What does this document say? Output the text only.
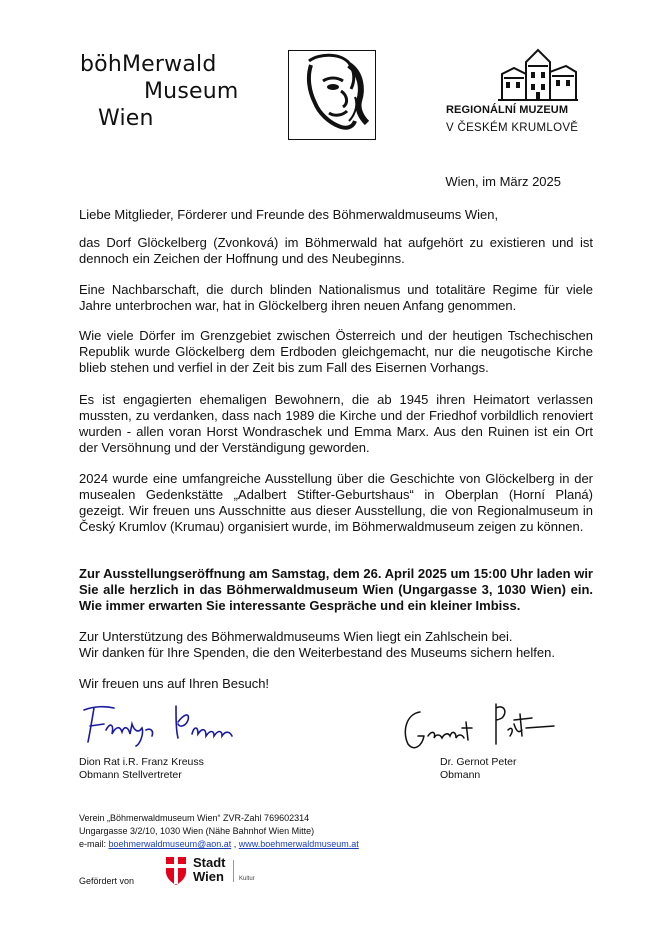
böhMerwald
Museum
Wien	REGIONÁLNÍ MUZEUM
V ČESKÉM KRUMLOVĚ
Wien, im März 2025
Liebe Mitglieder, Förderer und Freunde des Böhmerwaldmuseums Wien,

das Dorf Glöckelberg (Zvonková) im Böhmerwald hat aufgehört zu existieren und ist dennoch ein Zeichen der Hoffnung und des Neubeginns.

Eine Nachbarschaft, die durch blinden Nationalismus und totalitäre Regime für viele Jahre unterbrochen war, hat in Glöckelberg ihren neuen Anfang genommen.

Wie viele Dörfer im Grenzgebiet zwischen Österreich und der heutigen Tschechischen Republik wurde Glöckelberg dem Erdboden gleichgemacht, nur die neugotische Kirche blieb stehen und verfiel in der Zeit bis zum Fall des Eisernen Vorhangs.

Es ist engagierten ehemaligen Bewohnern, die ab 1945 ihren Heimatort verlassen mussten, zu verdanken, dass nach 1989 die Kirche und der Friedhof vorbildlich renoviert wurden - allen voran Horst Wondraschek und Emma Marx. Aus den Ruinen ist ein Ort der Versöhnung und der Verständigung geworden.

2024 wurde eine umfangreiche Ausstellung über die Geschichte von Glöckelberg in der musealen Gedenkstätte „Adalbert Stifter-Geburtshaus“ in Oberplan (Horní Planá) gezeigt. Wir freuen uns Ausschnitte aus dieser Ausstellung, die von Regionalmuseum in Český Krumlov (Krumau) organisiert wurde, im Böhmerwaldmuseum zeigen zu können.

Zur Ausstellungseröffnung am Samstag, dem 26. April 2025 um 15:00 Uhr laden wir Sie alle herzlich in das Böhmerwaldmuseum Wien (Ungargasse 3, 1030 Wien) ein. Wie immer erwarten Sie interessante Gespräche und ein kleiner Imbiss.

Zur Unterstützung des Böhmerwaldmuseums Wien liegt ein Zahlschein bei.
Wir danken für Ihre Spenden, die den Weiterbestand des Museums sichern helfen.
Wir freuen uns auf Ihren Besuch!
Dion Rat i.R. Franz Kreuss
Obmann Stellvertreter
Dr. Gernot Peter
Obmann
Verein „Böhmerwaldmuseum Wien“ ZVR-Zahl 769602314
Ungargasse 3/2/10, 1030 Wien (Nähe Bahnhof Wien Mitte)
e-mail: boehmerwaldmuseum@aon.at , www.boehmerwaldmuseum.at
Gefördert von
Stadt
Wien	Kultur
